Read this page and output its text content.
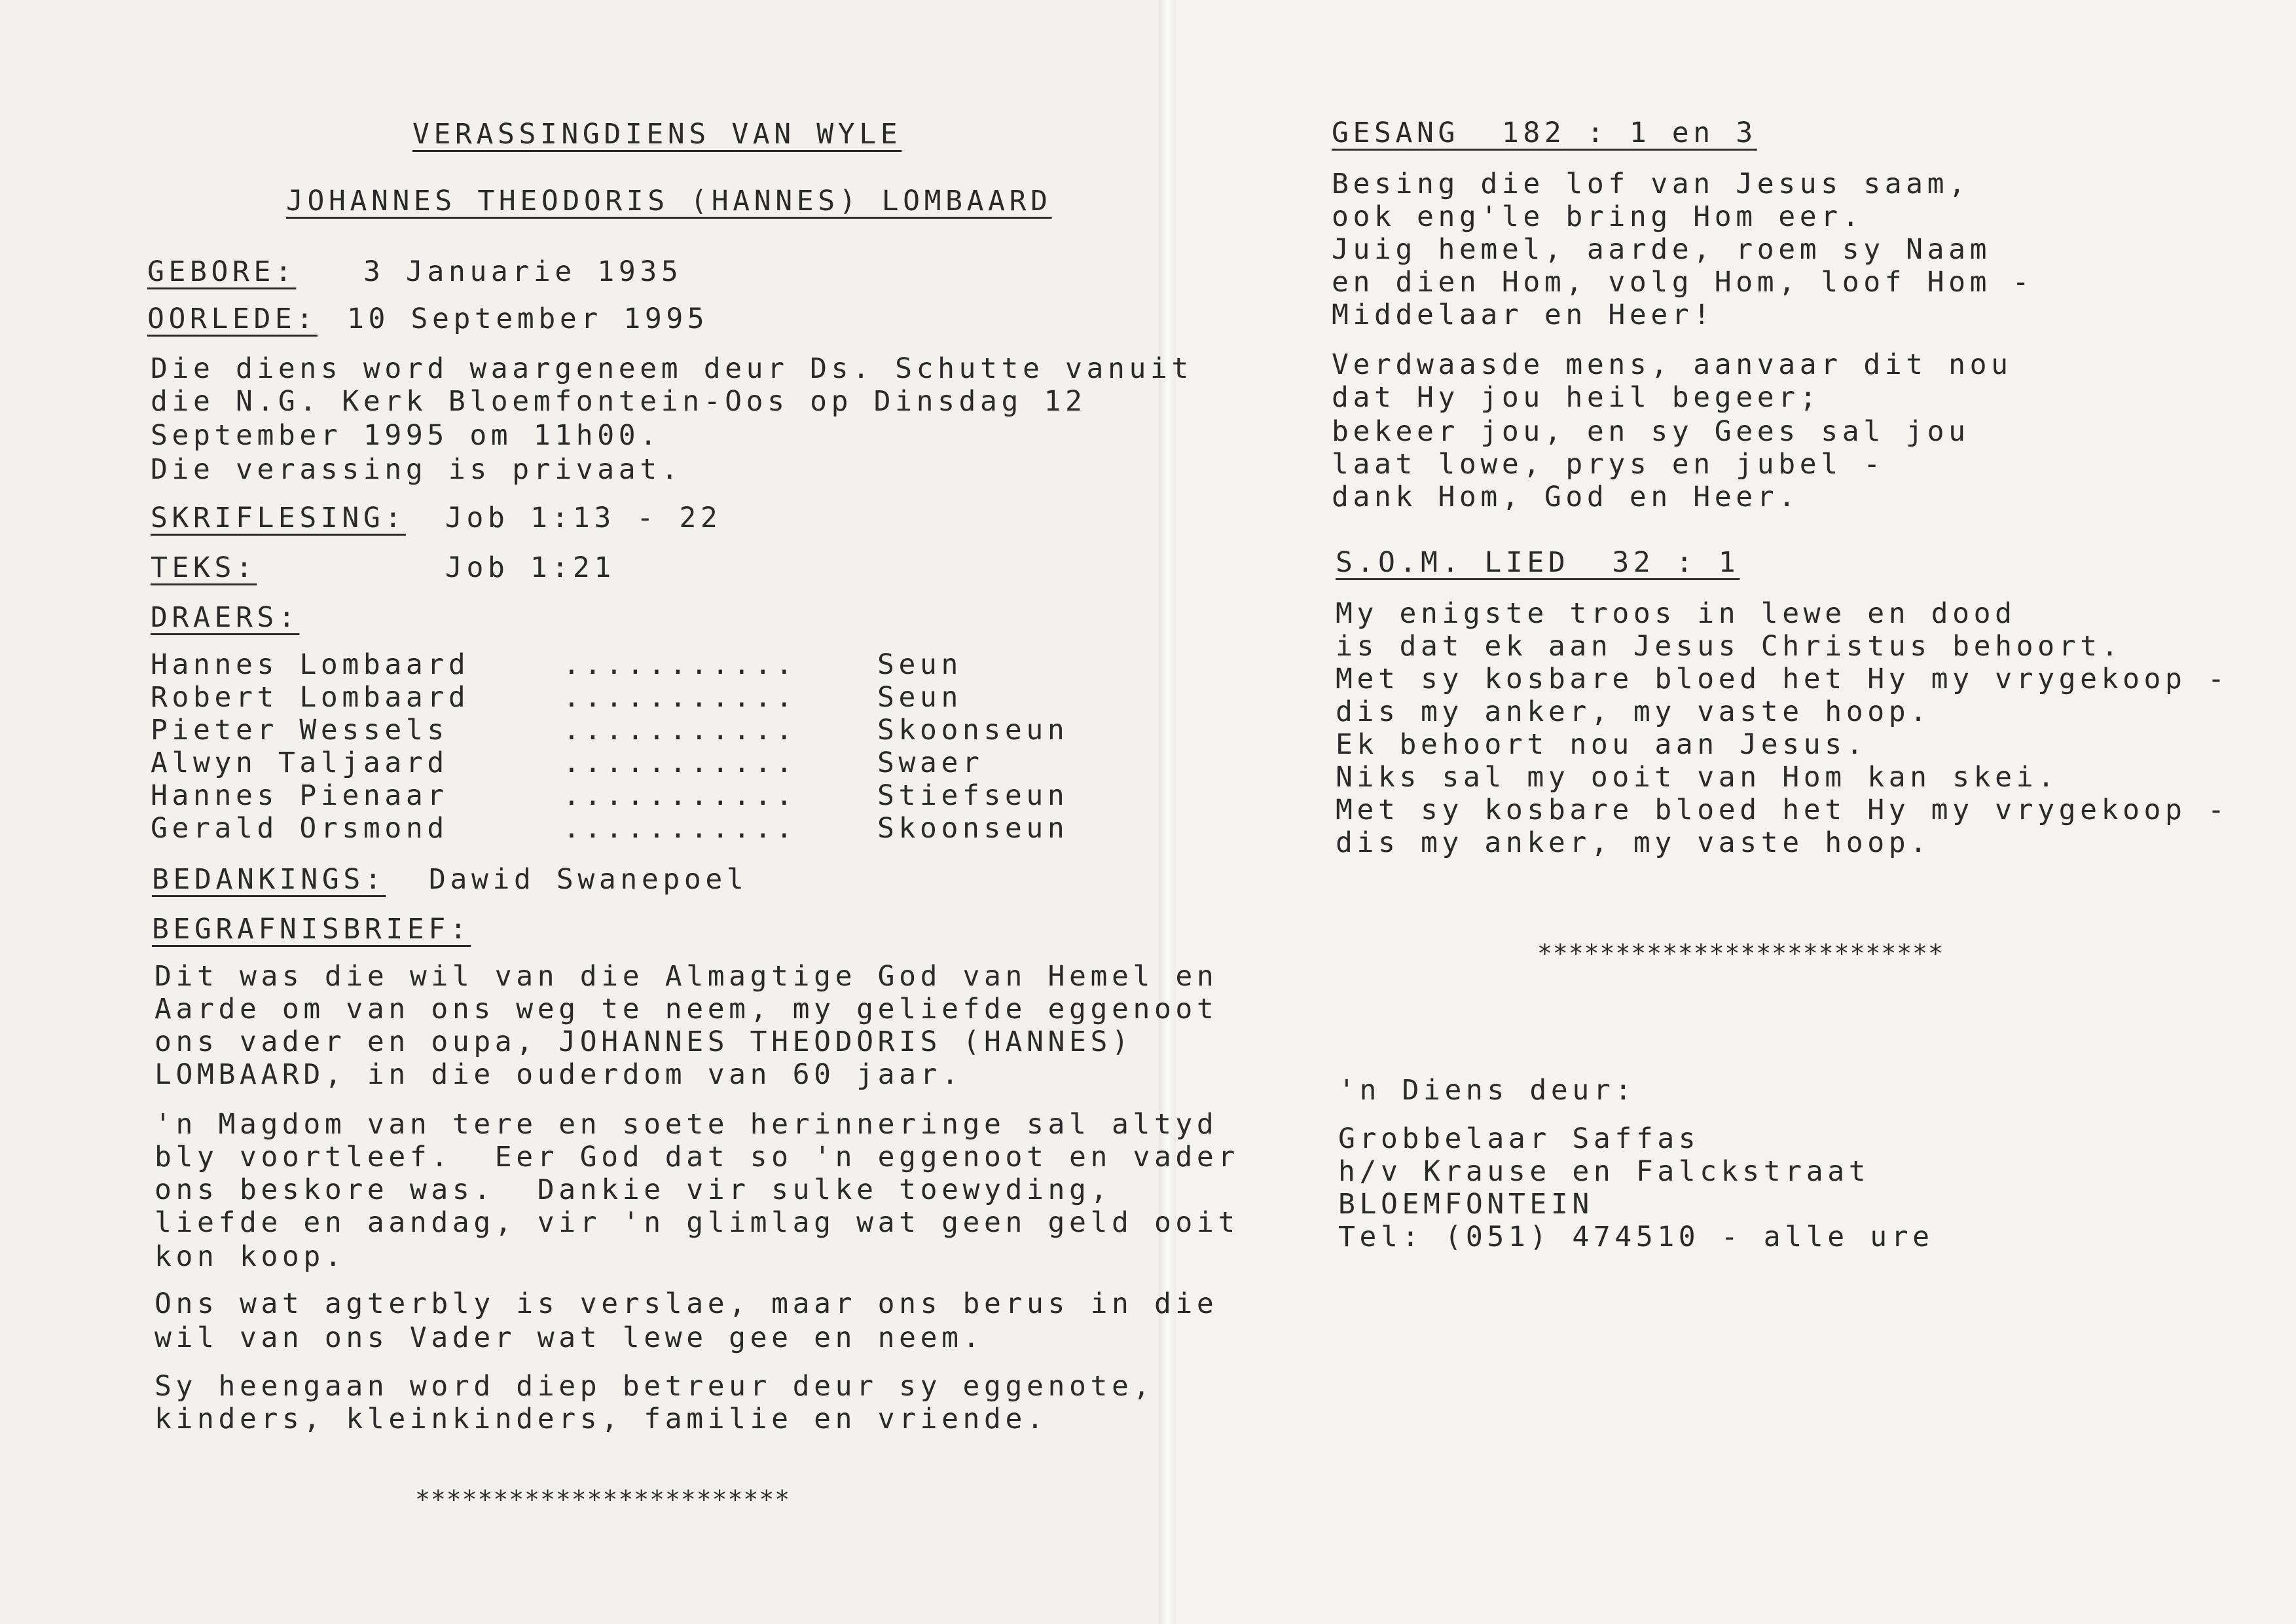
VERASSINGDIENS VAN WYLE
JOHANNES THEODORIS (HANNES) LOMBAARD
GEBORE: 3 Januarie 1935
OORLEDE: 10 September 1995
Die diens word waargeneem deur Ds. Schutte vanuit
die N.G. Kerk Bloemfontein-Oos op Dinsdag 12
September 1995 om 11h00.
Die verassing is privaat.
SKRIFLESING: Job 1:13 - 22
TEKS:	Job 1:21
DRAERS:
Hannes Lombaard	...........	Seun
Robert Lombaard	...........	Seun
Pieter Wessels	...........	Skoonseun
Alwyn Taljaard	...........	Swaer
Hannes Pienaar	...........	Stiefseun
Gerald Orsmond	...........	Skoonseun
BEDANKINGS: Dawid Swanepoel
BEGRAFNISBRIEF:
Dit was die wil van die Almagtige God van Hemel en
Aarde om van ons weg te neem, my geliefde eggenoot
ons vader en oupa, JOHANNES THEODORIS (HANNES)
LOMBAARD, in die ouderdom van 60 jaar.
'n Magdom van tere en soete herinneringe sal altyd
bly voortleef.  Eer God dat so 'n eggenoot en vader
ons beskore was.  Dankie vir sulke toewyding,
liefde en aandag, vir 'n glimlag wat geen geld ooit
kon koop.
Ons wat agterbly is verslae, maar ons berus in die
wil van ons Vader wat lewe gee en neem.
Sy heengaan word diep betreur deur sy eggenote,
kinders, kleinkinders, familie en vriende.
************************
GESANG  182 : 1 en 3
Besing die lof van Jesus saam,
ook eng'le bring Hom eer.
Juig hemel, aarde, roem sy Naam
en dien Hom, volg Hom, loof Hom -
Middelaar en Heer!
Verdwaasde mens, aanvaar dit nou
dat Hy jou heil begeer;
bekeer jou, en sy Gees sal jou
laat lowe, prys en jubel -
dank Hom, God en Heer.
S.O.M. LIED  32 : 1
My enigste troos in lewe en dood
is dat ek aan Jesus Christus behoort.
Met sy kosbare bloed het Hy my vrygekoop -
dis my anker, my vaste hoop.
Ek behoort nou aan Jesus.
Niks sal my ooit van Hom kan skei.
Met sy kosbare bloed het Hy my vrygekoop -
dis my anker, my vaste hoop.
**************************
'n Diens deur:
Grobbelaar Saffas
h/v Krause en Falckstraat
BLOEMFONTEIN
Tel: (051) 474510 - alle ure
